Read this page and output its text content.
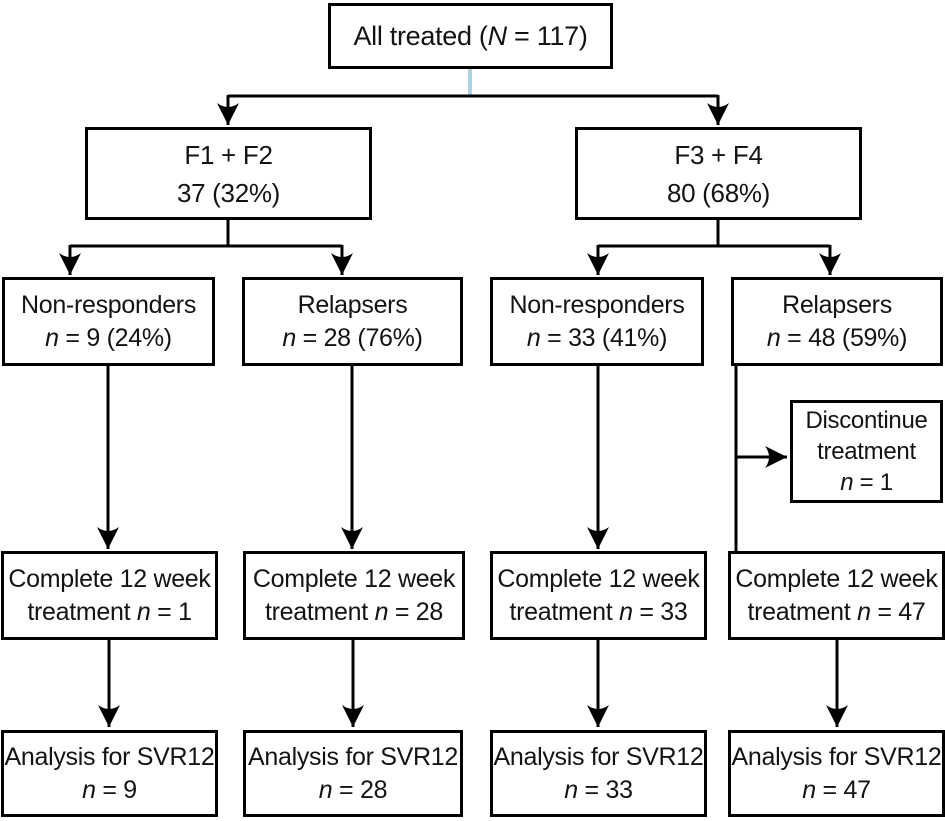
All treated (N = 117)
F1 + F2
37 (32%)
F3 + F4
80 (68%)
Non-responders
n = 9 (24%)
Relapsers
n = 28 (76%)
Non-responders
n = 33 (41%)
Relapsers
n = 48 (59%)
Discontinue
treatment
n = 1
Complete 12 week
treatment n = 1
Complete 12 week
treatment n = 28
Complete 12 week
treatment n = 33
Complete 12 week
treatment n = 47
Analysis for SVR12
n = 9
Analysis for SVR12
n = 28
Analysis for SVR12
n = 33
Analysis for SVR12
n = 47
